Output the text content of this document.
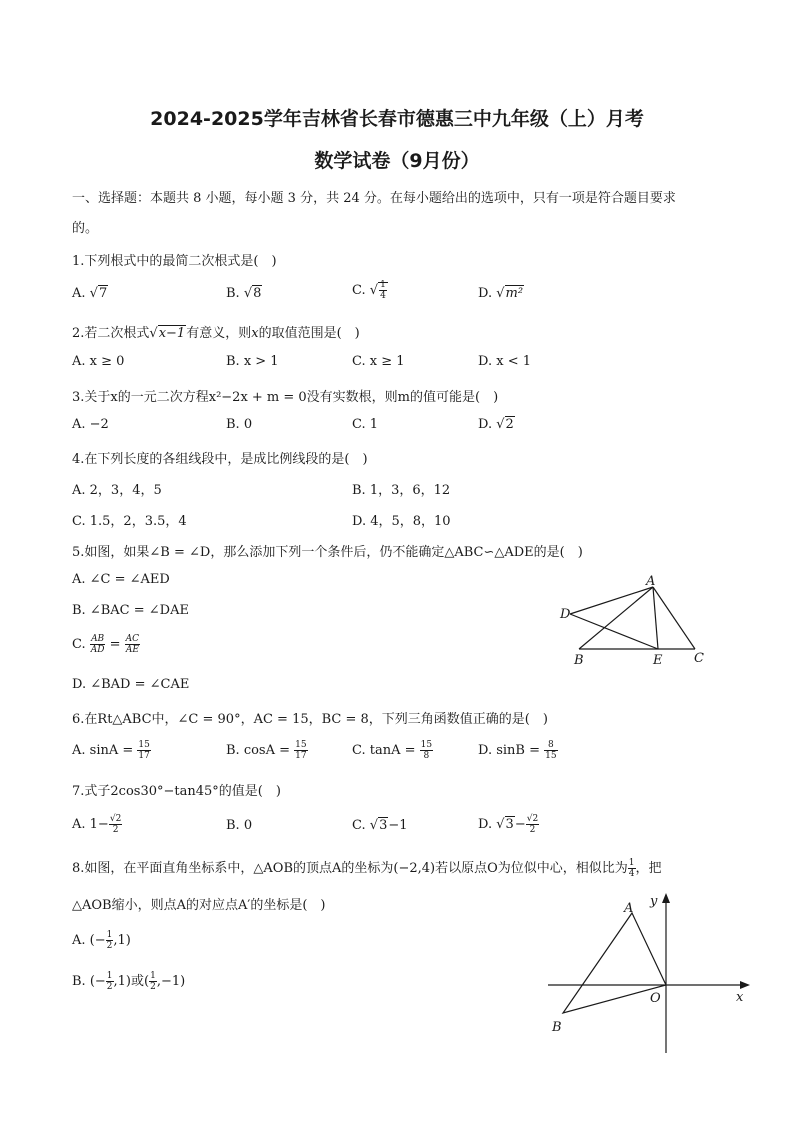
2024-2025学年吉林省长春市德惠三中九年级（上）月考
数学试卷（9月份）
一、选择题：本题共 8 小题，每小题 3 分，共 24 分。在每小题给出的选项中，只有一项是符合题目要求
的。
1.下列根式中的最简二次根式是(　)
A. √7	B. √8	C. √ $\frac{1}{4}$	D. √m²
2.若二次根式√x−1有意义，则x的取值范围是(　)
A. x ≥ 0	B. x > 1	C. x ≥ 1	D. x < 1
3.关于x的一元二次方程x²−2x + m = 0没有实数根，则m的值可能是(　)
A. −2	B. 0	C. 1	D. √2
4.在下列长度的各组线段中，是成比例线段的是(　)
A. 2，3，4，5	B. 1，3，6，12
C. 1.5，2，3.5，4	D. 4，5，8，10
5.如图，如果∠B = ∠D，那么添加下列一个条件后，仍不能确定△ABC∽△ADE的是(　)
A. ∠C = ∠AED
B. ∠BAC = ∠DAE
C. $\frac{AB}{AD} = \frac{AC}{AE}$
D. ∠BAD = ∠CAE
A
D
B	E C
6.在Rt△ABC中，∠C = 90°，AC = 15，BC = 8，下列三角函数值正确的是(　)
A. $\sin A = \frac{15}{17}$	B. $\cos A = \frac{15}{17}$	C. $\tan A = \frac{15}{8}$	D. $\sin B = \frac{8}{15}$
7.式子2cos30°−tan45°的值是(　)
A. $1- \frac{√2}{2}$	B. 0	C. √3−1	D. $√3- \frac{√2}{2}$
8.如图，在平面直角坐标系中，△AOB的顶点A的坐标为(−2,4)若以原点O为位似中心，相似比为 $\frac{1}{4}$ ，把
△AOB缩小，则点A的对应点A′的坐标是(　)
A. (− $\frac{1}{2} ,1$)
B. (− $\frac{1}{2} ,1$)或( $\frac{1}{2} ,-1$)
A
O
B
x
y
